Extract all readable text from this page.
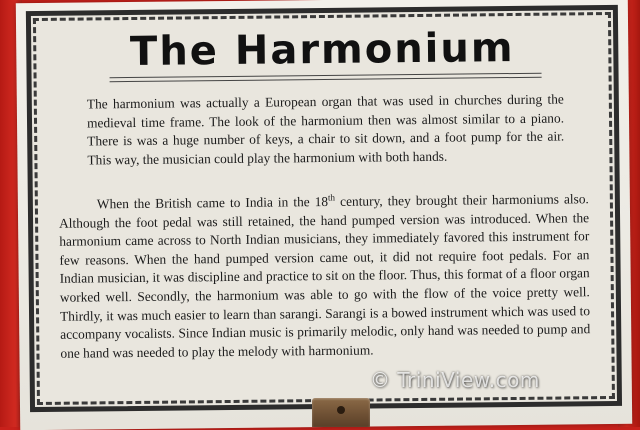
The Harmonium
The harmonium was actually a European organ that was used in churches during the medieval time frame. The look of the harmonium then was almost similar to a piano. There is was a huge number of keys, a chair to sit down, and a foot pump for the air. This way, the musician could play the harmonium with both hands.
When the British came to India in the 18th century, they brought their harmoniums also. Although the foot pedal was still retained, the hand pumped version was introduced. When the harmonium came across to North Indian musicians, they immediately favored this instrument for few reasons. When the hand pumped version came out, it did not require foot pedals. For an Indian musician, it was discipline and practice to sit on the floor. Thus, this format of a floor organ worked well. Secondly, the harmonium was able to go with the flow of the voice pretty well. Thirdly, it was much easier to learn than sarangi. Sarangi is a bowed instrument which was used to accompany vocalists. Since Indian music is primarily melodic, only hand was needed to pump and one hand was needed to play the melody with harmonium.
© TriniView.com
